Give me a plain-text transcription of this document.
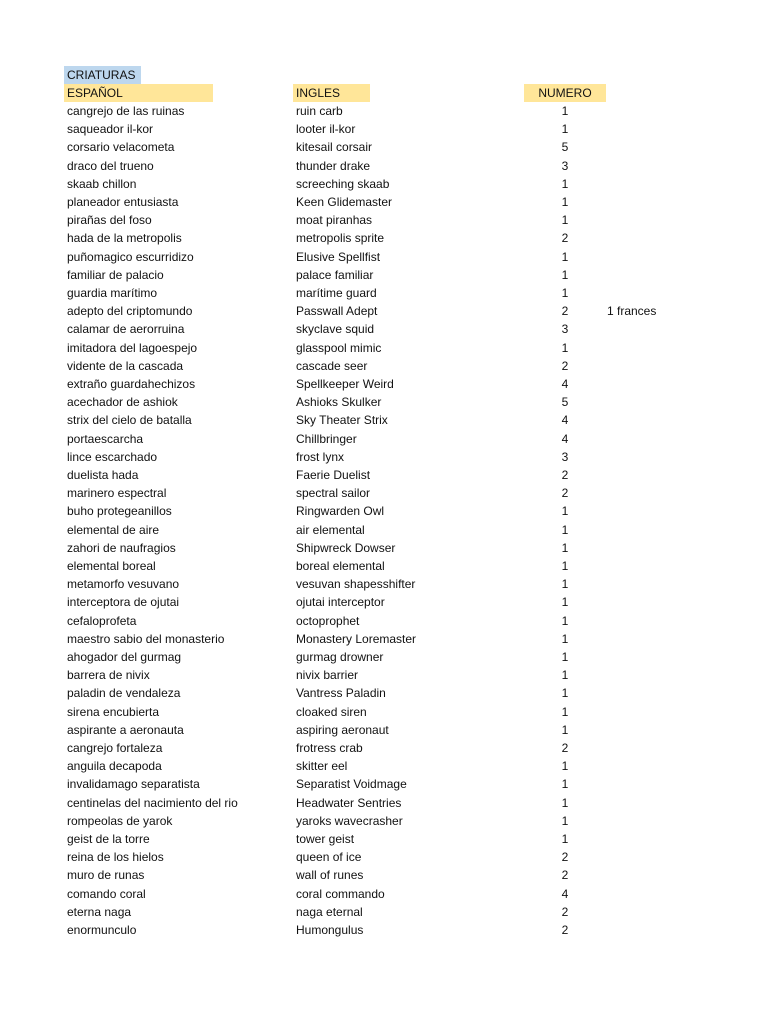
CRIATURAS
ESPAÑOL	INGLES	NUMERO
cangrejo de las ruinas	ruin carb	1
saqueador il-kor	looter il-kor	1
corsario velacometa	kitesail corsair	5
draco del trueno	thunder drake	3
skaab chillon	screeching skaab	1
planeador entusiasta	Keen Glidemaster	1
pirañas del foso	moat piranhas	1
hada de la metropolis	metropolis sprite	2
puñomagico escurridizo	Elusive Spellfist	1
familiar de palacio	palace familiar	1
guardia marítimo	marítime guard	1
adepto del criptomundo	Passwall Adept	2	1 frances
calamar de aerorruina	skyclave squid	3
imitadora del lagoespejo	glasspool mimic	1
vidente de la cascada	cascade seer	2
extraño guardahechizos	Spellkeeper Weird	4
acechador de ashiok	Ashioks Skulker	5
strix del cielo de batalla	Sky Theater Strix	4
portaescarcha	Chillbringer	4
lince escarchado	frost lynx	3
duelista hada	Faerie Duelist	2
marinero espectral	spectral sailor	2
buho protegeanillos	Ringwarden Owl	1
elemental de aire	air elemental	1
zahori de naufragios	Shipwreck Dowser	1
elemental boreal	boreal elemental	1
metamorfo vesuvano	vesuvan shapesshifter	1
interceptora de ojutai	ojutai interceptor	1
cefaloprofeta	octoprophet	1
maestro sabio del monasterio	Monastery Loremaster	1
ahogador del gurmag	gurmag drowner	1
barrera de nivix	nivix barrier	1
paladin de vendaleza	Vantress Paladin	1
sirena encubierta	cloaked siren	1
aspirante a aeronauta	aspiring aeronaut	1
cangrejo fortaleza	frotress crab	2
anguila decapoda	skitter eel	1
invalidamago separatista	Separatist Voidmage	1
centinelas del nacimiento del rio	Headwater Sentries	1
rompeolas de yarok	yaroks wavecrasher	1
geist de la torre	tower geist	1
reina de los hielos	queen of ice	2
muro de runas	wall of runes	2
comando coral	coral commando	4
eterna naga	naga eternal	2
enormunculo	Humongulus	2
